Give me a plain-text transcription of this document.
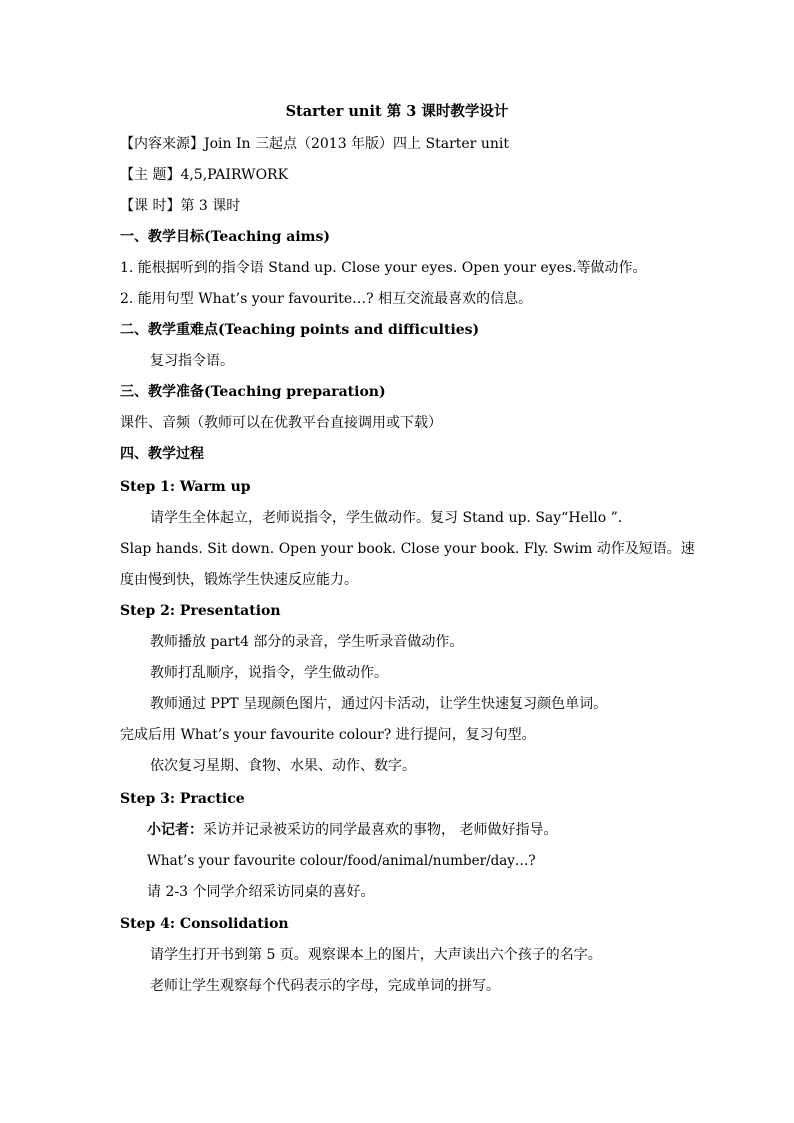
Starter unit 第 3 课时教学设计
【内容来源】Join In 三起点（2013 年版）四上 Starter unit
【主 题】4,5,PAIRWORK
【课 时】第 3 课时
一、教学目标(Teaching aims)
1. 能根据听到的指令语 Stand up. Close your eyes. Open your eyes.等做动作。
2. 能用句型 What’s your favourite…? 相互交流最喜欢的信息。
二、教学重难点(Teaching points and difficulties)
复习指令语。
三、教学准备(Teaching preparation)
课件、音频（教师可以在优教平台直接调用或下载）
四、教学过程
Step 1: Warm up
请学生全体起立，老师说指令，学生做动作。复习 Stand up. Say“Hello ”.
Slap hands. Sit down. Open your book. Close your book. Fly. Swim 动作及短语。速
度由慢到快，锻炼学生快速反应能力。
Step 2: Presentation
教师播放 part4 部分的录音，学生听录音做动作。
教师打乱顺序，说指令，学生做动作。
教师通过 PPT 呈现颜色图片，通过闪卡活动，让学生快速复习颜色单词。
完成后用 What’s your favourite colour? 进行提问，复习句型。
依次复习星期、食物、水果、动作、数字。
Step 3: Practice
小记者：采访并记录被采访的同学最喜欢的事物， 老师做好指导。
What’s your favourite colour/food/animal/number/day…?
请 2-3 个同学介绍采访同桌的喜好。
Step 4: Consolidation
请学生打开书到第 5 页。观察课本上的图片，大声读出六个孩子的名字。
老师让学生观察每个代码表示的字母，完成单词的拼写。
